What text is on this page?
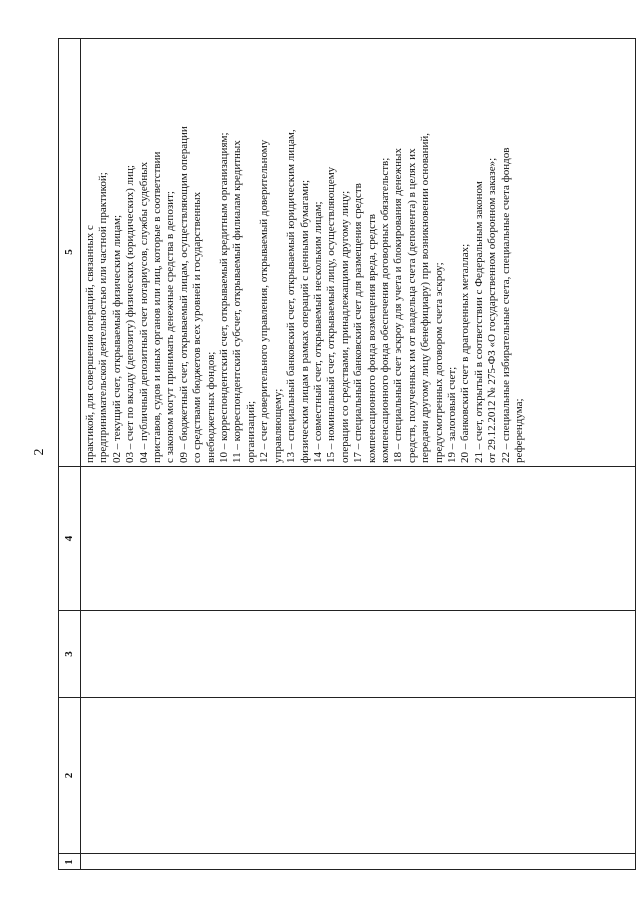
2
1
2
3
4
5 практикой, для совершения операций, связанных с предпринимательской деятельностью или частной практикой; 02 – текущий счет, открываемый физическим лицам; 03 – счет по вкладу (депозиту) физических (юридических) лиц; 04 – публичный депозитный счет нотариусов, службы судебных приставов, судов и иных органов или лиц, которые в соответствии с законом могут принимать денежные средства в депозит; 09 – бюджетный счет, открываемый лицам, осуществляющим операции со средствами бюджетов всех уровней и государственных внебюджетных фондов; 10 – корреспондентский счет, открываемый кредитным организациям; 11 – корреспондентский субсчет, открываемый филиалам кредитных организаций; 12 – счет доверительного управления, открываемый доверительному управляющему; 13 – специальный банковский счет, открываемый юридическим лицам, физическим лицам в рамках операций с ценными бумагами; 14 – совместный счет, открываемый нескольким лицам; 15 – номинальный счет, открываемый лицу, осуществляющему операции со средствами, принадлежащими другому лицу; 17 – специальный банковский счет для размещения средств компенсационного фонда возмещения вреда, средств компенсационного фонда обеспечения договорных обязательств; 18 – специальный счет эскроу для учета и блокирования денежных средств, полученных им от владельца счета (депонента) в целях их передачи другому лицу (бенефициару) при возникновении оснований, предусмотренных договором счета эскроу; 19 – залоговый счет; 20 – банковский счет в драгоценных металлах; 21 – счет, открытый в соответствии с Федеральным законом от 29.12.2012 № 275-ФЗ «О государственном оборонном заказе»; 22 – специальные избирательные счета, специальные счета фондов референдума;
